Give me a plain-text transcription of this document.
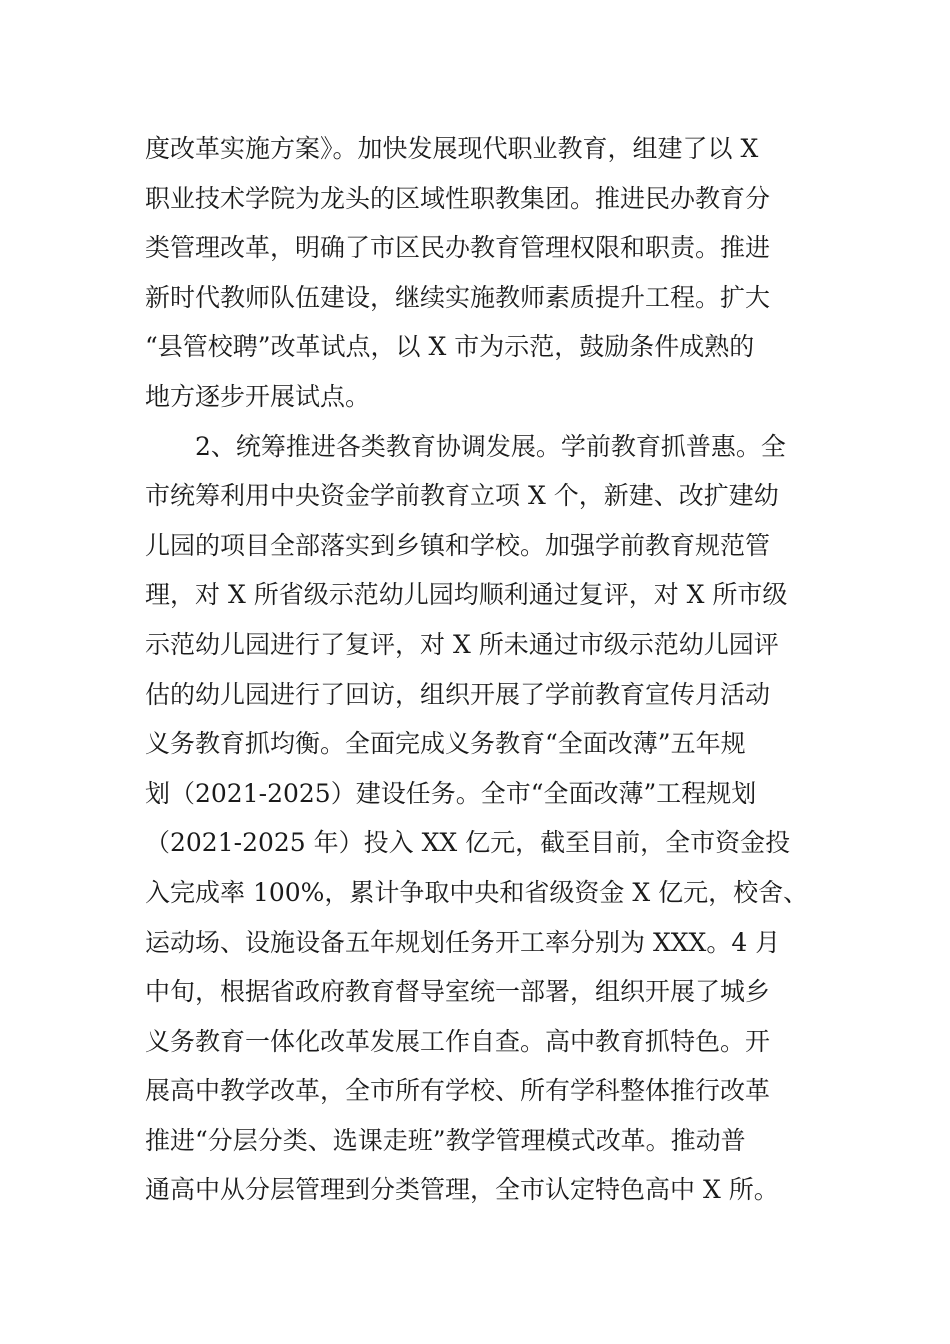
度改革实施方案》。加快发展现代职业教育，组建了以 X
职业技术学院为龙头的区域性职教集团。推进民办教育分
类管理改革，明确了市区民办教育管理权限和职责。推进
新时代教师队伍建设，继续实施教师素质提升工程。扩大
“县管校聘”改革试点，以 X 市为示范，鼓励条件成熟的
地方逐步开展试点。
2、统筹推进各类教育协调发展。学前教育抓普惠。全
市统筹利用中央资金学前教育立项 X 个，新建、改扩建幼
儿园的项目全部落实到乡镇和学校。加强学前教育规范管
理，对 X 所省级示范幼儿园均顺利通过复评，对 X 所市级
示范幼儿园进行了复评，对 X 所未通过市级示范幼儿园评
估的幼儿园进行了回访，组织开展了学前教育宣传月活动
义务教育抓均衡。全面完成义务教育“全面改薄”五年规
划（2021-2025）建设任务。全市“全面改薄”工程规划
（2021-2025 年）投入 XX 亿元，截至目前，全市资金投
入完成率 100%，累计争取中央和省级资金 X 亿元，校舍、
运动场、设施设备五年规划任务开工率分别为 XXX。4 月
中旬，根据省政府教育督导室统一部署，组织开展了城乡
义务教育一体化改革发展工作自查。高中教育抓特色。开
展高中教学改革，全市所有学校、所有学科整体推行改革
推进“分层分类、选课走班”教学管理模式改革。推动普
通高中从分层管理到分类管理，全市认定特色高中 X 所。
